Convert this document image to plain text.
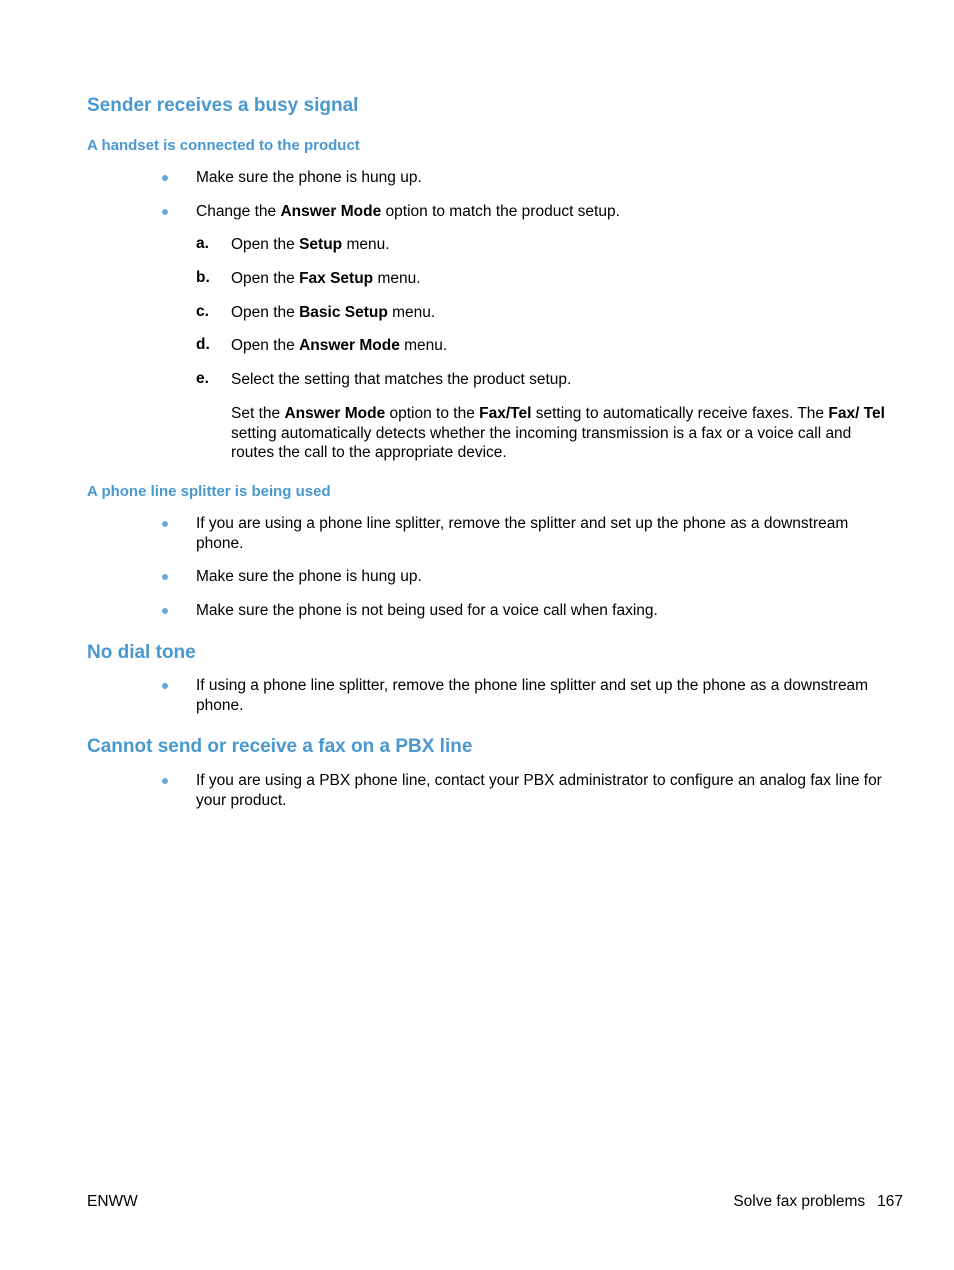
Sender receives a busy signal
A handset is connected to the product
Make sure the phone is hung up.
Change the Answer Mode option to match the product setup.
a. Open the Setup menu.
b. Open the Fax Setup menu.
c. Open the Basic Setup menu.
d. Open the Answer Mode menu.
e. Select the setting that matches the product setup.
Set the Answer Mode option to the Fax/Tel setting to automatically receive faxes. The Fax/ Tel setting automatically detects whether the incoming transmission is a fax or a voice call and routes the call to the appropriate device.
A phone line splitter is being used
If you are using a phone line splitter, remove the splitter and set up the phone as a downstream phone.
Make sure the phone is hung up.
Make sure the phone is not being used for a voice call when faxing.
No dial tone
If using a phone line splitter, remove the phone line splitter and set up the phone as a downstream phone.
Cannot send or receive a fax on a PBX line
If you are using a PBX phone line, contact your PBX administrator to configure an analog fax line for your product.
ENWW	Solve fax problems 167
